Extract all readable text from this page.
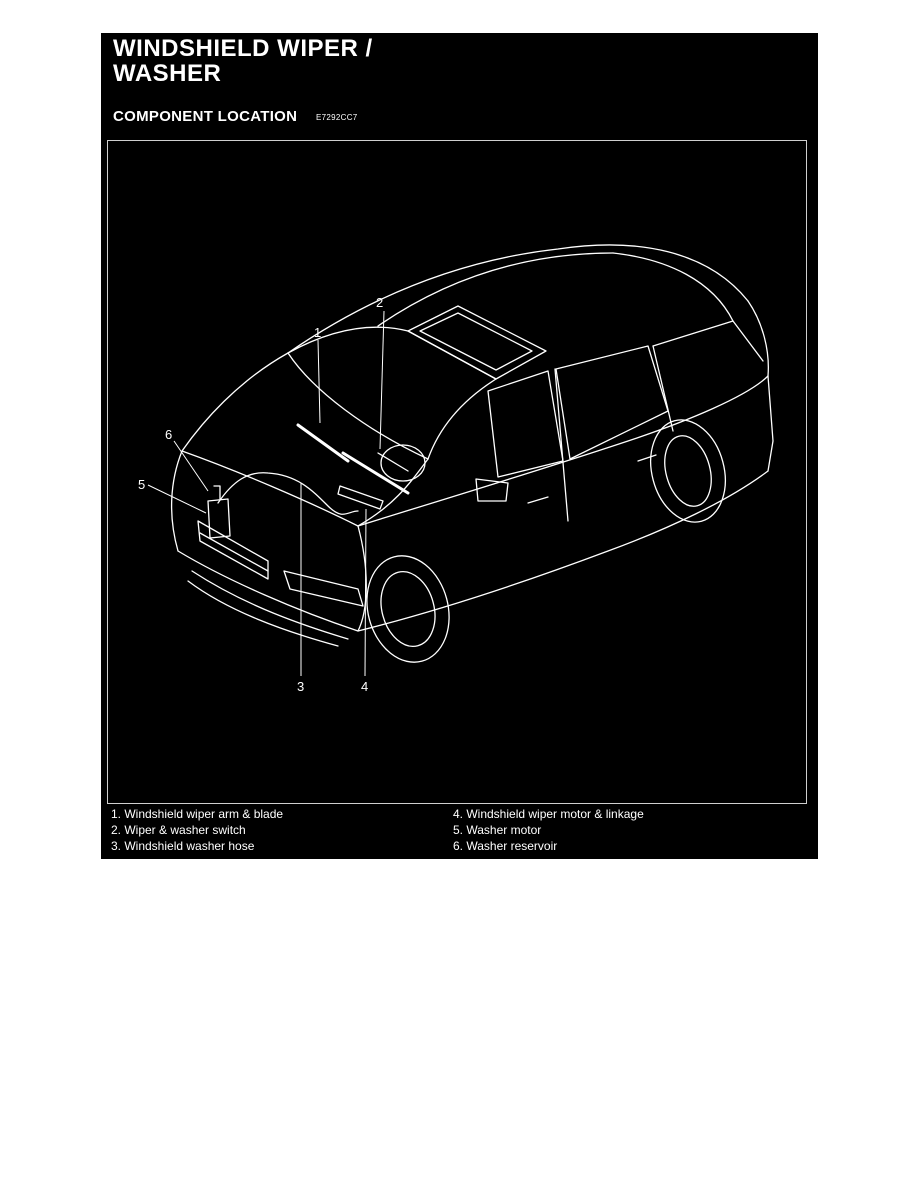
WINDSHIELD WIPER /
WASHER
COMPONENT LOCATION E7292CC7
1
2
3	4
5
6
1. Windshield wiper arm & blade
2. Wiper & washer switch
3. Windshield washer hose
4. Windshield wiper motor & linkage
5. Washer motor
6. Washer reservoir
